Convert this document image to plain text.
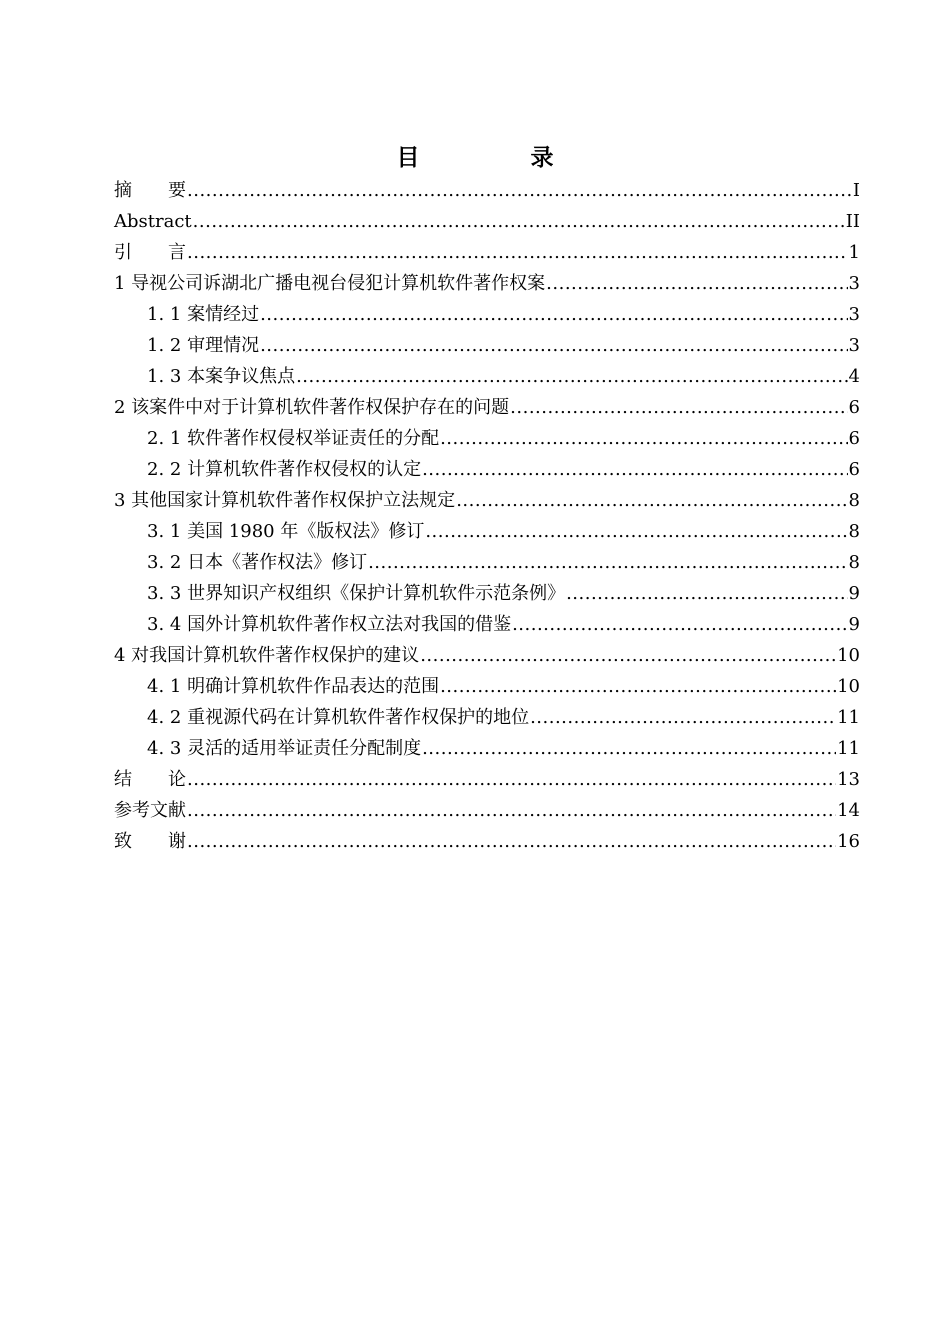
目　录
摘　　要 .....	I
Abstract .....	II
引　　言 .....	1
1 导视公司诉湖北广播电视台侵犯计算机软件著作权案 .....	3
1. 1 案情经过 .....	3
1. 2 审理情况 .....	3
1. 3 本案争议焦点 .....	4
2 该案件中对于计算机软件著作权保护存在的问题 .....	6
2. 1 软件著作权侵权举证责任的分配 .....	6
2. 2 计算机软件著作权侵权的认定 .....	6
3 其他国家计算机软件著作权保护立法规定 .....	8
3. 1 美国 1980 年《版权法》修订 .....	8
3. 2 日本《著作权法》修订 .....	8
3. 3 世界知识产权组织《保护计算机软件示范条例》 .....	9
3. 4 国外计算机软件著作权立法对我国的借鉴 .....	9
4 对我国计算机软件著作权保护的建议 .....	10
4. 1 明确计算机软件作品表达的范围 .....	10
4. 2 重视源代码在计算机软件著作权保护的地位 .....	11
4. 3 灵活的适用举证责任分配制度 .....	11
结　　论 .....	13
参考文献 .....	14
致　　谢 .....	16
